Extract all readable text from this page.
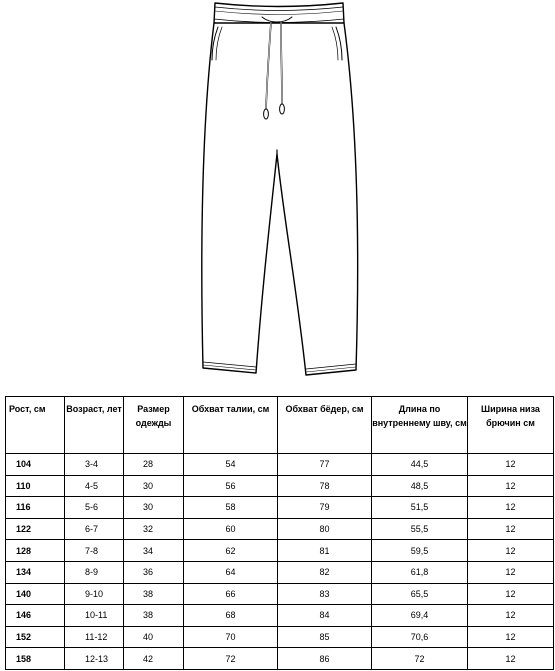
Рост, см	Возраст, лет	Размер одежды	Обхват талии, см	Обхват бёдер, см	Длина по внутреннему шву, см	Ширина низа брючин см
104	3-4	28	54	77	44,5	12
110	4-5	30	56	78	48,5	12
116	5-6	30	58	79	51,5	12
122	6-7	32	60	80	55,5	12
128	7-8	34	62	81	59,5	12
134	8-9	36	64	82	61,8	12
140	9-10	38	66	83	65,5	12
146	10-11	38	68	84	69,4	12
152	11-12	40	70	85	70,6	12
158	12-13	42	72	86	72	12
